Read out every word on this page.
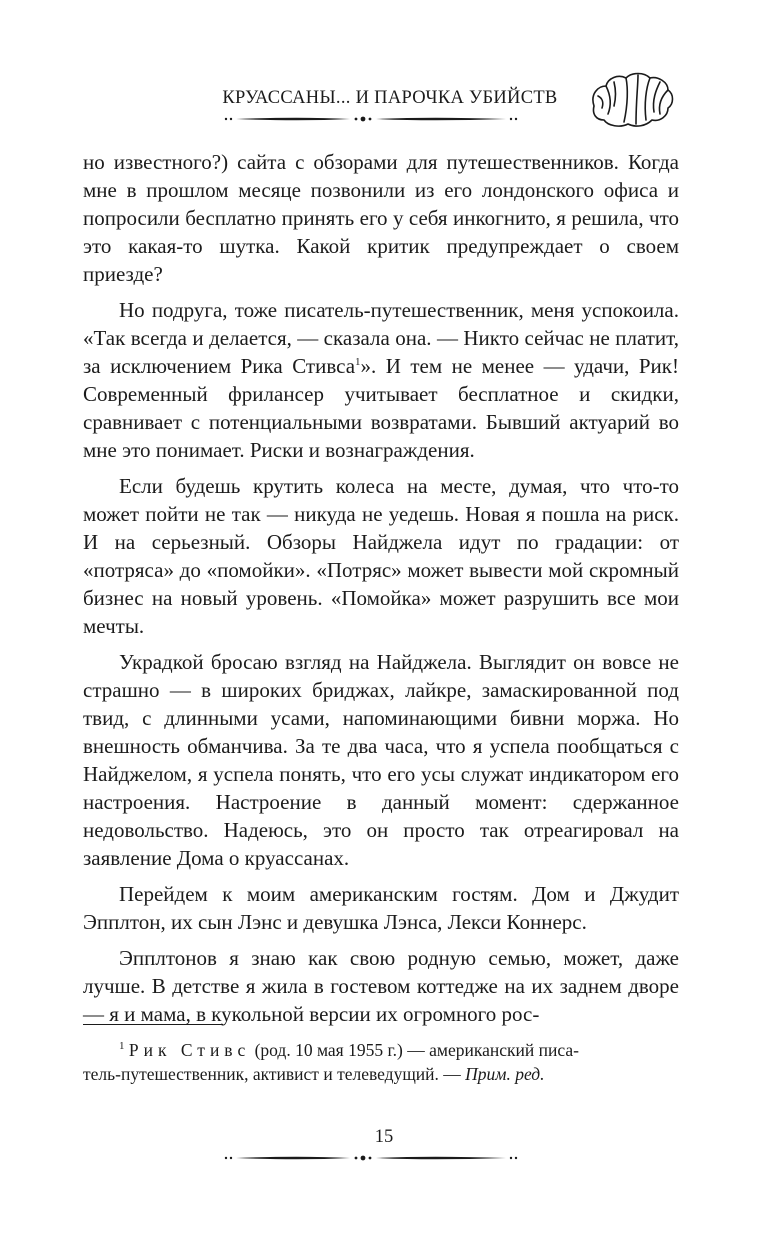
КРУАССАНЫ... И ПАРОЧКА УБИЙСТВ

но известного?) сайта с обзорами для путешественников. Когда мне в прошлом месяце позвонили из его лондонского офиса и попросили бесплатно принять его у себя инкогнито, я решила, что это какая-то шутка. Какой критик предупреждает о своем приезде?

Но подруга, тоже писатель-путешественник, меня успокоила. «Так всегда и делается, — сказала она. — Никто сейчас не платит, за исключением Рика Стивса$^1$». И тем не менее — удачи, Рик! Современный фрилансер учитывает бесплатное и скидки, сравнивает с потенциальными возвратами. Бывший актуарий во мне это понимает. Риски и вознаграждения.

Если будешь крутить колеса на месте, думая, что что-то может пойти не так — никуда не уедешь. Новая я пошла на риск. И на серьезный. Обзоры Найджела идут по градации: от «потряса» до «помойки». «Потряс» может вывести мой скромный бизнес на новый уровень. «Помойка» может разрушить все мои мечты.

Украдкой бросаю взгляд на Найджела. Выглядит он вовсе не страшно — в широких бриджах, лайкре, замаскированной под твид, с длинными усами, напоминающими бивни моржа. Но внешность обманчива. За те два часа, что я успела пообщаться с Найджелом, я успела понять, что его усы служат индикатором его настроения. Настроение в данный момент: сдержанное недовольство. Надеюсь, это он просто так отреагировал на заявление Дома о круассанах.

Перейдем к моим американским гостям. Дом и Джудит Эпплтон, их сын Лэнс и девушка Лэнса, Лекси Коннерс.

Эпплтонов я знаю как свою родную семью, может, даже лучше. В детстве я жила в гостевом коттедже на их заднем дворе — я и мама, в кукольной версии их огромного рос-

$^1$ Рик Стивс (род. 10 мая 1955 г.) — американский писа-
тель-путешественник, активист и телеведущий. — Прим. ред.
15
